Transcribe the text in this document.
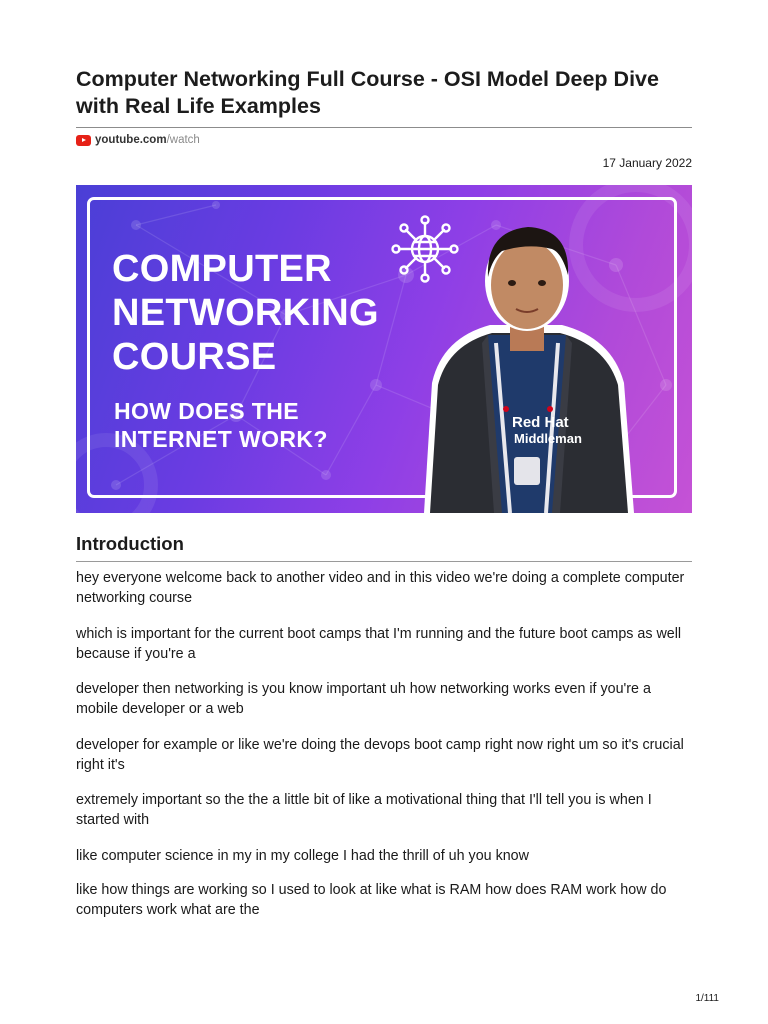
Computer Networking Full Course - OSI Model Deep Dive with Real Life Examples
youtube.com /watch
17 January 2022
COMPUTER
NETWORKING
COURSE
HOW DOES THE
INTERNET WORK?
Red Hat
Middleman
Introduction

hey everyone welcome back to another video and in this video we're doing a complete computer networking course

which is important for the current boot camps that I'm running and the future boot camps as well because if you're a

developer then networking is you know important uh how networking works even if you're a mobile developer or a web

developer for example or like we're doing the devops boot camp right now right um so it's crucial right it's

extremely important so the the a little bit of like a motivational thing that I'll tell you is when I started with

like computer science in my in my college I had the thrill of uh you know

like how things are working so I used to look at like what is RAM how does RAM work how do computers work what are the

1/111
